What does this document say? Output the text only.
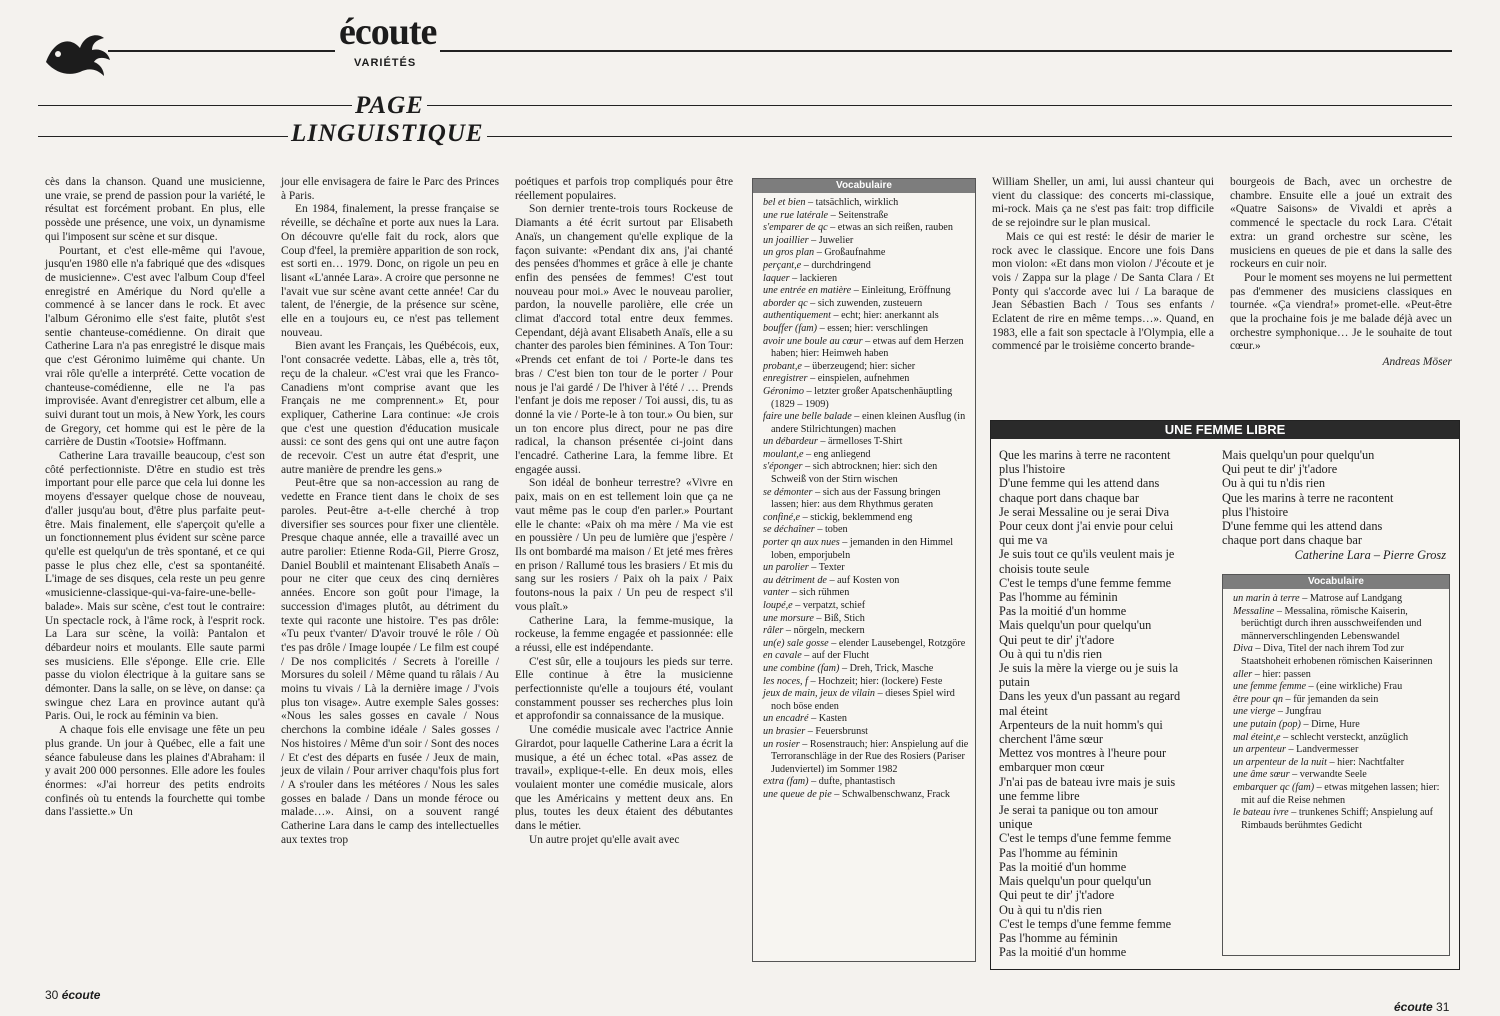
écoute
VARIÉTÉS
PAGE
LINGUISTIQUE

cès dans la chanson. Quand une musicienne, une vraie, se prend de passion pour la variété, le résultat est forcément probant. En plus, elle possède une présence, une voix, un dynamisme qui l'imposent sur scène et sur disque.

Pourtant, et c'est elle-même qui l'avoue, jusqu'en 1980 elle n'a fabriqué que des «disques de musicienne». C'est avec l'album Coup d'feel enregistré en Amérique du Nord qu'elle a commencé à se lancer dans le rock. Et avec l'album Géronimo elle s'est faite, plutôt s'est sentie chanteuse-comédienne. On dirait que Catherine Lara n'a pas enregistré le disque mais que c'est Géronimo luimême qui chante. Un vrai rôle qu'elle a interprété. Cette vocation de chanteuse-comédienne, elle ne l'a pas improvisée. Avant d'enregistrer cet album, elle a suivi durant tout un mois, à New York, les cours de Gregory, cet homme qui est le père de la carrière de Dustin «Tootsie» Hoffmann.

Catherine Lara travaille beaucoup, c'est son côté perfectionniste. D'être en studio est très important pour elle parce que cela lui donne les moyens d'essayer quelque chose de nouveau, d'aller jusqu'au bout, d'être plus parfaite peut-être. Mais finalement, elle s'aperçoit qu'elle a un fonctionnement plus évident sur scène parce qu'elle est quelqu'un de très spontané, et ce qui passe le plus chez elle, c'est sa spontanéité. L'image de ses disques, cela reste un peu genre «musicienne-classique-qui-va-faire-une-belle-balade». Mais sur scène, c'est tout le contraire: Un spectacle rock, à l'âme rock, à l'esprit rock. La Lara sur scène, la voilà: Pantalon et débardeur noirs et moulants. Elle saute parmi ses musiciens. Elle s'éponge. Elle crie. Elle passe du violon électrique à la guitare sans se démonter. Dans la salle, on se lève, on danse: ça swingue chez Lara en province autant qu'à Paris. Oui, le rock au féminin va bien.

A chaque fois elle envisage une fête un peu plus grande. Un jour à Québec, elle a fait une séance fabuleuse dans les plaines d'Abraham: il y avait 200 000 personnes. Elle adore les foules énormes: «J'ai horreur des petits endroits confinés où tu entends la fourchette qui tombe dans l'assiette.» Un

jour elle envisagera de faire le Parc des Princes à Paris.

En 1984, finalement, la presse française se réveille, se déchaîne et porte aux nues la Lara. On découvre qu'elle fait du rock, alors que Coup d'feel, la première apparition de son rock, est sorti en… 1979. Donc, on rigole un peu en lisant «L'année Lara». A croire que personne ne l'avait vue sur scène avant cette année! Car du talent, de l'énergie, de la présence sur scène, elle en a toujours eu, ce n'est pas tellement nouveau.

Bien avant les Français, les Québécois, eux, l'ont consacrée vedette. Làbas, elle a, très tôt, reçu de la chaleur. «C'est vrai que les Franco-Canadiens m'ont comprise avant que les Français ne me comprennent.» Et, pour expliquer, Catherine Lara continue: «Je crois que c'est une question d'éducation musicale aussi: ce sont des gens qui ont une autre façon de recevoir. C'est un autre état d'esprit, une autre manière de prendre les gens.»

Peut-être que sa non-accession au rang de vedette en France tient dans le choix de ses paroles. Peut-être a-t-elle cherché à trop diversifier ses sources pour fixer une clientèle. Presque chaque année, elle a travaillé avec un autre parolier: Etienne Roda-Gil, Pierre Grosz, Daniel Boublil et maintenant Elisabeth Anaïs – pour ne citer que ceux des cinq dernières années. Encore son goût pour l'image, la succession d'images plutôt, au détriment du texte qui raconte une histoire. T'es pas drôle: «Tu peux t'vanter/ D'avoir trouvé le rôle / Où t'es pas drôle / Image loupée / Le film est coupé / De nos complicités / Secrets à l'oreille / Morsures du soleil / Même quand tu râlais / Au moins tu vivais / Là la dernière image / J'vois plus ton visage». Autre exemple Sales gosses: «Nous les sales gosses en cavale / Nous cherchons la combine idéale / Sales gosses / Nos histoires / Même d'un soir / Sont des noces / Et c'est des départs en fusée / Jeux de main, jeux de vilain / Pour arriver chaqu'fois plus fort / A s'rouler dans les météores / Nous les sales gosses en balade / Dans un monde féroce ou malade…». Ainsi, on a souvent rangé Catherine Lara dans le camp des intellectuelles aux textes trop

poétiques et parfois trop compliqués pour être réellement populaires.

Son dernier trente-trois tours Rockeuse de Diamants a été écrit surtout par Elisabeth Anaïs, un changement qu'elle explique de la façon suivante: «Pendant dix ans, j'ai chanté des pensées d'hommes et grâce à elle je chante enfin des pensées de femmes! C'est tout nouveau pour moi.» Avec le nouveau parolier, pardon, la nouvelle parolière, elle crée un climat d'accord total entre deux femmes. Cependant, déjà avant Elisabeth Anaïs, elle a su chanter des paroles bien féminines. A Ton Tour: «Prends cet enfant de toi / Porte-le dans tes bras / C'est bien ton tour de le porter / Pour nous je l'ai gardé / De l'hiver à l'été / … Prends l'enfant je dois me reposer / Toi aussi, dis, tu as donné la vie / Porte-le à ton tour.» Ou bien, sur un ton encore plus direct, pour ne pas dire radical, la chanson présentée ci-joint dans l'encadré. Catherine Lara, la femme libre. Et engagée aussi.

Son idéal de bonheur terrestre? «Vivre en paix, mais on en est tellement loin que ça ne vaut même pas le coup d'en parler.» Pourtant elle le chante: «Paix oh ma mère / Ma vie est en poussière / Un peu de lumière que j'espère / Ils ont bombardé ma maison / Et jeté mes frères en prison / Rallumé tous les brasiers / Et mis du sang sur les rosiers / Paix oh la paix / Paix foutons-nous la paix / Un peu de respect s'il vous plaît.»

Catherine Lara, la femme-musique, la rockeuse, la femme engagée et passionnée: elle a réussi, elle est indépendante.

C'est sûr, elle a toujours les pieds sur terre. Elle continue à être la musicienne perfectionniste qu'elle a toujours été, voulant constamment pousser ses recherches plus loin et approfondir sa connaissance de la musique.

Une comédie musicale avec l'actrice Annie Girardot, pour laquelle Catherine Lara a écrit la musique, a été un échec total. «Pas assez de travail», explique-t-elle. En deux mois, elles voulaient monter une comédie musicale, alors que les Américains y mettent deux ans. En plus, toutes les deux étaient des débutantes dans le métier.

Un autre projet qu'elle avait avec

Vocabulaire
bel et bien – tatsächlich, wirklich
une rue latérale – Seitenstraße
s'emparer de qc – etwas an sich reißen, rauben
un joaillier – Juwelier
un gros plan – Großaufnahme
perçant,e – durchdringend
laquer – lackieren
une entrée en matière – Einleitung, Eröffnung
aborder qc – sich zuwenden, zusteuern
authentiquement – echt; hier: anerkannt als
bouffer (fam) – essen; hier: verschlingen
avoir une boule au cœur – etwas auf dem Herzen haben; hier: Heimweh haben
probant,e – überzeugend; hier: sicher
enregistrer – einspielen, aufnehmen
Géronimo – letzter großer Apatschenhäuptling (1829 – 1909)
faire une belle balade – einen kleinen Ausflug (in andere Stilrichtungen) machen
un débardeur – ärmelloses T-Shirt
moulant,e – eng anliegend
s'éponger – sich abtrocknen; hier: sich den Schweiß von der Stirn wischen
se démonter – sich aus der Fassung bringen lassen; hier: aus dem Rhythmus geraten
confiné,e – stickig, beklemmend eng
se déchaîner – toben
porter qn aux nues – jemanden in den Himmel loben, emporjubeln
un parolier – Texter
au détriment de – auf Kosten von
vanter – sich rühmen
loupé,e – verpatzt, schief
une morsure – Biß, Stich
râler – nörgeln, meckern
un(e) sale gosse – elender Lausebengel, Rotzgöre
en cavale – auf der Flucht
une combine (fam) – Dreh, Trick, Masche
les noces, f – Hochzeit; hier: (lockere) Feste
jeux de main, jeux de vilain – dieses Spiel wird noch böse enden
un encadré – Kasten
un brasier – Feuersbrunst
un rosier – Rosenstrauch; hier: Anspielung auf die Terroranschläge in der Rue des Rosiers (Pariser Judenviertel) im Sommer 1982
extra (fam) – dufte, phantastisch
une queue de pie – Schwalbenschwanz, Frack

William Sheller, un ami, lui aussi chanteur qui vient du classique: des concerts mi-classique, mi-rock. Mais ça ne s'est pas fait: trop difficile de se rejoindre sur le plan musical.

Mais ce qui est resté: le désir de marier le rock avec le classique. Encore une fois Dans mon violon: «Et dans mon violon / J'écoute et je vois / Zappa sur la plage / De Santa Clara / Et Ponty qui s'accorde avec lui / La baraque de Jean Sébastien Bach / Tous ses enfants / Eclatent de rire en même temps…». Quand, en 1983, elle a fait son spectacle à l'Olympia, elle a commencé par le troisième concerto brande-

bourgeois de Bach, avec un orchestre de chambre. Ensuite elle a joué un extrait des «Quatre Saisons» de Vivaldi et après a commencé le spectacle du rock Lara. C'était extra: un grand orchestre sur scène, les musiciens en queues de pie et dans la salle des rockeurs en cuir noir.

Pour le moment ses moyens ne lui permettent pas d'emmener des musiciens classiques en tournée. «Ça viendra!» promet-elle. «Peut-être que la prochaine fois je me balade déjà avec un orchestre symphonique… Je le souhaite de tout cœur.»

Andreas Möser
UNE FEMME LIBRE
Que les marins à terre ne racontent
plus l'histoire
D'une femme qui les attend dans
chaque port dans chaque bar
Je serai Messaline ou je serai Diva
Pour ceux dont j'ai envie pour celui
qui me va
Je suis tout ce qu'ils veulent mais je
choisis toute seule
C'est le temps d'une femme femme
Pas l'homme au féminin
Pas la moitié d'un homme
Mais quelqu'un pour quelqu'un
Qui peut te dir' j't'adore
Ou à qui tu n'dis rien
Je suis la mère la vierge ou je suis la
putain
Dans les yeux d'un passant au regard
mal éteint
Arpenteurs de la nuit homm's qui
cherchent l'âme sœur
Mettez vos montres à l'heure pour
embarquer mon cœur
J'n'ai pas de bateau ivre mais je suis
une femme libre
Je serai ta panique ou ton amour
unique
C'est le temps d'une femme femme
Pas l'homme au féminin
Pas la moitié d'un homme
Mais quelqu'un pour quelqu'un
Qui peut te dir' j't'adore
Ou à qui tu n'dis rien
C'est le temps d'une femme femme
Pas l'homme au féminin
Pas la moitié d'un homme
Mais quelqu'un pour quelqu'un
Qui peut te dir' j't'adore
Ou à qui tu n'dis rien
Que les marins à terre ne racontent
plus l'histoire
D'une femme qui les attend dans
chaque port dans chaque bar
Catherine Lara – Pierre Grosz
Vocabulaire
un marin à terre – Matrose auf Landgang
Messaline – Messalina, römische Kaiserin, berüchtigt durch ihren ausschweifenden und männerverschlingenden Lebenswandel
Diva – Diva, Titel der nach ihrem Tod zur Staatshoheit erhobenen römischen Kaiserinnen
aller – hier: passen
une femme femme – (eine wirkliche) Frau
être pour qn – für jemanden da sein
une vierge – Jungfrau
une putain (pop) – Dirne, Hure
mal éteint,e – schlecht versteckt, anzüglich
un arpenteur – Landvermesser
un arpenteur de la nuit – hier: Nachtfalter
une âme sœur – verwandte Seele
embarquer qc (fam) – etwas mitgehen lassen; hier: mit auf die Reise nehmen
le bateau ivre – trunkenes Schiff; Anspielung auf Rimbauds berühmtes Gedicht
30 écoute
écoute 31
